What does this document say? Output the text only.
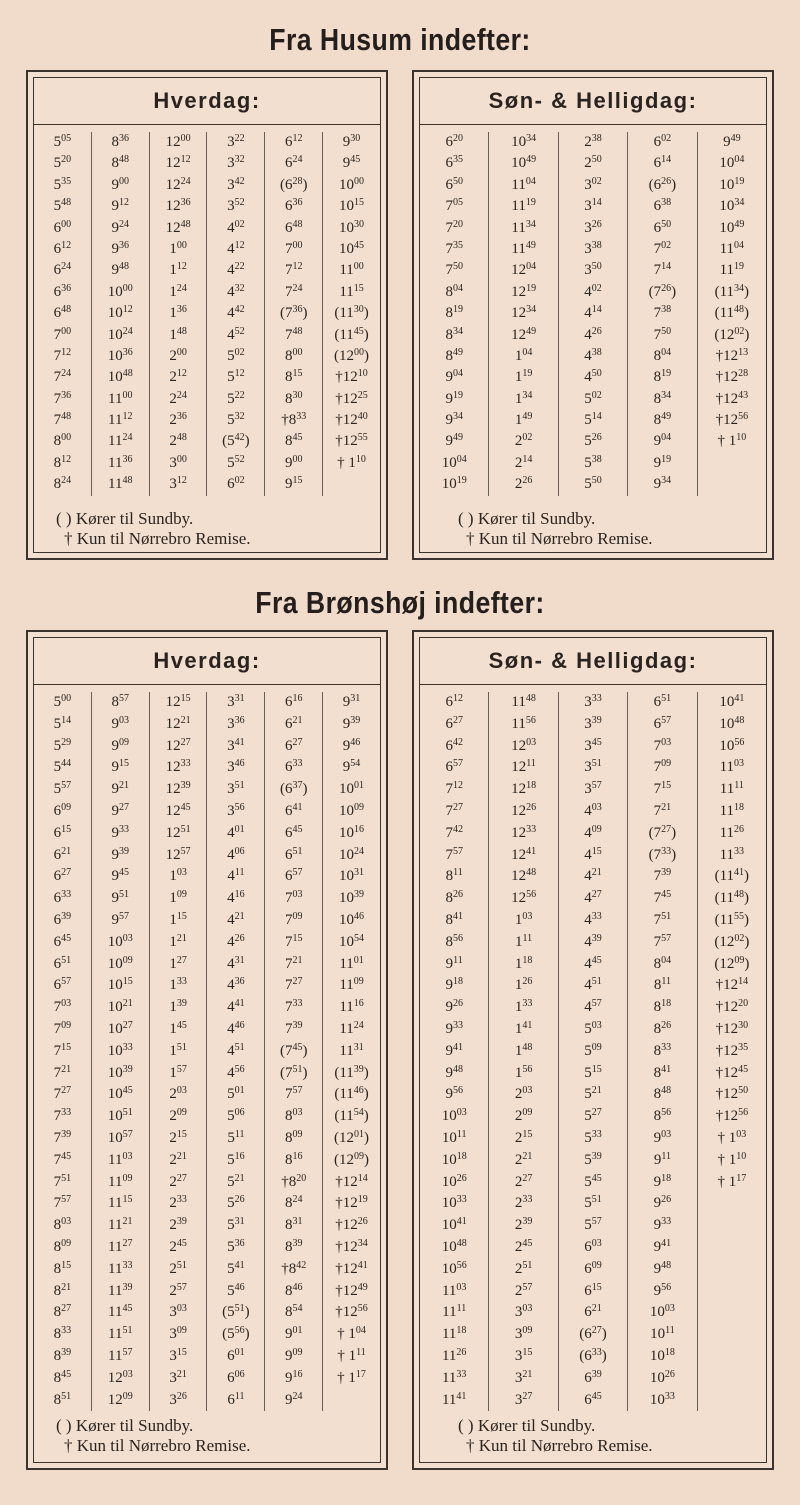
Fra Husum indefter:
Hverdag:
$5^{05}$
$5^{20}$
$5^{35}$
$5^{48}$
$6^{00}$
$6^{12}$
$6^{24}$
$6^{36}$
$6^{48}$
$7^{00}$
$7^{12}$
$7^{24}$
$7^{36}$
$7^{48}$
$8^{00}$
$8^{12}$
$8^{24}$
$8^{36}$
$8^{48}$
$9^{00}$
$9^{12}$
$9^{24}$
$9^{36}$
$9^{48}$
$10^{00}$
$10^{12}$
$10^{24}$
$10^{36}$
$10^{48}$
$11^{00}$
$11^{12}$
$11^{24}$
$11^{36}$
$11^{48}$
$12^{00}$
$12^{12}$
$12^{24}$
$12^{36}$
$12^{48}$
$1^{00}$
$1^{12}$
$1^{24}$
$1^{36}$
$1^{48}$
$2^{00}$
$2^{12}$
$2^{24}$
$2^{36}$
$2^{48}$
$3^{00}$
$3^{12}$
$3^{22}$
$3^{32}$
$3^{42}$
$3^{52}$
$4^{02}$
$4^{12}$
$4^{22}$
$4^{32}$
$4^{42}$
$4^{52}$
$5^{02}$
$5^{12}$
$5^{22}$
$5^{32}$
$(5^{42})$
$5^{52}$
$6^{02}$
$6^{12}$
$6^{24}$
$(6^{28})$
$6^{36}$
$6^{48}$
$7^{00}$
$7^{12}$
$7^{24}$
$(7^{36})$
$7^{48}$
$8^{00}$
$8^{15}$
$8^{30}$
$\dagger 8^{33}$
$8^{45}$
$9^{00}$
$9^{15}$
$9^{30}$
$9^{45}$
$10^{00}$
$10^{15}$
$10^{30}$
$10^{45}$
$11^{00}$
$11^{15}$
$(11^{30})$
$(11^{45})$
$(12^{00})$
$\dagger 12^{10}$
$\dagger 12^{25}$
$\dagger 12^{40}$
$\dagger 12^{55}$
† $1^{10}$
( ) Kører til Sundby.
† Kun til Nørrebro Remise.
Søn- & Helligdag:
$6^{20}$
$6^{35}$
$6^{50}$
$7^{05}$
$7^{20}$
$7^{35}$
$7^{50}$
$8^{04}$
$8^{19}$
$8^{34}$
$8^{49}$
$9^{04}$
$9^{19}$
$9^{34}$
$9^{49}$
$10^{04}$
$10^{19}$
$10^{34}$
$10^{49}$
$11^{04}$
$11^{19}$
$11^{34}$
$11^{49}$
$12^{04}$
$12^{19}$
$12^{34}$
$12^{49}$
$1^{04}$
$1^{19}$
$1^{34}$
$1^{49}$
$2^{02}$
$2^{14}$
$2^{26}$
$2^{38}$
$2^{50}$
$3^{02}$
$3^{14}$
$3^{26}$
$3^{38}$
$3^{50}$
$4^{02}$
$4^{14}$
$4^{26}$
$4^{38}$
$4^{50}$
$5^{02}$
$5^{14}$
$5^{26}$
$5^{38}$
$5^{50}$
$6^{02}$
$6^{14}$
$(6^{26})$
$6^{38}$
$6^{50}$
$7^{02}$
$7^{14}$
$(7^{26})$
$7^{38}$
$7^{50}$
$8^{04}$
$8^{19}$
$8^{34}$
$8^{49}$
$9^{04}$
$9^{19}$
$9^{34}$
$9^{49}$
$10^{04}$
$10^{19}$
$10^{34}$
$10^{49}$
$11^{04}$
$11^{19}$
$(11^{34})$
$(11^{48})$
$(12^{02})$
$\dagger 12^{13}$
$\dagger 12^{28}$
$\dagger 12^{43}$
$\dagger 12^{56}$
† $1^{10}$
( ) Kører til Sundby.
† Kun til Nørrebro Remise.
Fra Brønshøj indefter:
Hverdag:
$5^{00}$
$5^{14}$
$5^{29}$
$5^{44}$
$5^{57}$
$6^{09}$
$6^{15}$
$6^{21}$
$6^{27}$
$6^{33}$
$6^{39}$
$6^{45}$
$6^{51}$
$6^{57}$
$7^{03}$
$7^{09}$
$7^{15}$
$7^{21}$
$7^{27}$
$7^{33}$
$7^{39}$
$7^{45}$
$7^{51}$
$7^{57}$
$8^{03}$
$8^{09}$
$8^{15}$
$8^{21}$
$8^{27}$
$8^{33}$
$8^{39}$
$8^{45}$
$8^{51}$
$8^{57}$
$9^{03}$
$9^{09}$
$9^{15}$
$9^{21}$
$9^{27}$
$9^{33}$
$9^{39}$
$9^{45}$
$9^{51}$
$9^{57}$
$10^{03}$
$10^{09}$
$10^{15}$
$10^{21}$
$10^{27}$
$10^{33}$
$10^{39}$
$10^{45}$
$10^{51}$
$10^{57}$
$11^{03}$
$11^{09}$
$11^{15}$
$11^{21}$
$11^{27}$
$11^{33}$
$11^{39}$
$11^{45}$
$11^{51}$
$11^{57}$
$12^{03}$
$12^{09}$
$12^{15}$
$12^{21}$
$12^{27}$
$12^{33}$
$12^{39}$
$12^{45}$
$12^{51}$
$12^{57}$
$1^{03}$
$1^{09}$
$1^{15}$
$1^{21}$
$1^{27}$
$1^{33}$
$1^{39}$
$1^{45}$
$1^{51}$
$1^{57}$
$2^{03}$
$2^{09}$
$2^{15}$
$2^{21}$
$2^{27}$
$2^{33}$
$2^{39}$
$2^{45}$
$2^{51}$
$2^{57}$
$3^{03}$
$3^{09}$
$3^{15}$
$3^{21}$
$3^{26}$
$3^{31}$
$3^{36}$
$3^{41}$
$3^{46}$
$3^{51}$
$3^{56}$
$4^{01}$
$4^{06}$
$4^{11}$
$4^{16}$
$4^{21}$
$4^{26}$
$4^{31}$
$4^{36}$
$4^{41}$
$4^{46}$
$4^{51}$
$4^{56}$
$5^{01}$
$5^{06}$
$5^{11}$
$5^{16}$
$5^{21}$
$5^{26}$
$5^{31}$
$5^{36}$
$5^{41}$
$5^{46}$
$(5^{51})$
$(5^{56})$
$6^{01}$
$6^{06}$
$6^{11}$
$6^{16}$
$6^{21}$
$6^{27}$
$6^{33}$
$(6^{37})$
$6^{41}$
$6^{45}$
$6^{51}$
$6^{57}$
$7^{03}$
$7^{09}$
$7^{15}$
$7^{21}$
$7^{27}$
$7^{33}$
$7^{39}$
$(7^{45})$
$(7^{51})$
$7^{57}$
$8^{03}$
$8^{09}$
$8^{16}$
$\dagger 8^{20}$
$8^{24}$
$8^{31}$
$8^{39}$
$\dagger 8^{42}$
$8^{46}$
$8^{54}$
$9^{01}$
$9^{09}$
$9^{16}$
$9^{24}$
$9^{31}$
$9^{39}$
$9^{46}$
$9^{54}$
$10^{01}$
$10^{09}$
$10^{16}$
$10^{24}$
$10^{31}$
$10^{39}$
$10^{46}$
$10^{54}$
$11^{01}$
$11^{09}$
$11^{16}$
$11^{24}$
$11^{31}$
$(11^{39})$
$(11^{46})$
$(11^{54})$
$(12^{01})$
$(12^{09})$
$\dagger 12^{14}$
$\dagger 12^{19}$
$\dagger 12^{26}$
$\dagger 12^{34}$
$\dagger 12^{41}$
$\dagger 12^{49}$
$\dagger 12^{56}$
† $1^{04}$
† $1^{11}$
† $1^{17}$
( ) Kører til Sundby.
† Kun til Nørrebro Remise.
Søn- & Helligdag:
$6^{12}$
$6^{27}$
$6^{42}$
$6^{57}$
$7^{12}$
$7^{27}$
$7^{42}$
$7^{57}$
$8^{11}$
$8^{26}$
$8^{41}$
$8^{56}$
$9^{11}$
$9^{18}$
$9^{26}$
$9^{33}$
$9^{41}$
$9^{48}$
$9^{56}$
$10^{03}$
$10^{11}$
$10^{18}$
$10^{26}$
$10^{33}$
$10^{41}$
$10^{48}$
$10^{56}$
$11^{03}$
$11^{11}$
$11^{18}$
$11^{26}$
$11^{33}$
$11^{41}$
$11^{48}$
$11^{56}$
$12^{03}$
$12^{11}$
$12^{18}$
$12^{26}$
$12^{33}$
$12^{41}$
$12^{48}$
$12^{56}$
$1^{03}$
$1^{11}$
$1^{18}$
$1^{26}$
$1^{33}$
$1^{41}$
$1^{48}$
$1^{56}$
$2^{03}$
$2^{09}$
$2^{15}$
$2^{21}$
$2^{27}$
$2^{33}$
$2^{39}$
$2^{45}$
$2^{51}$
$2^{57}$
$3^{03}$
$3^{09}$
$3^{15}$
$3^{21}$
$3^{27}$
$3^{33}$
$3^{39}$
$3^{45}$
$3^{51}$
$3^{57}$
$4^{03}$
$4^{09}$
$4^{15}$
$4^{21}$
$4^{27}$
$4^{33}$
$4^{39}$
$4^{45}$
$4^{51}$
$4^{57}$
$5^{03}$
$5^{09}$
$5^{15}$
$5^{21}$
$5^{27}$
$5^{33}$
$5^{39}$
$5^{45}$
$5^{51}$
$5^{57}$
$6^{03}$
$6^{09}$
$6^{15}$
$6^{21}$
$(6^{27})$
$(6^{33})$
$6^{39}$
$6^{45}$
$6^{51}$
$6^{57}$
$7^{03}$
$7^{09}$
$7^{15}$
$7^{21}$
$(7^{27})$
$(7^{33})$
$7^{39}$
$7^{45}$
$7^{51}$
$7^{57}$
$8^{04}$
$8^{11}$
$8^{18}$
$8^{26}$
$8^{33}$
$8^{41}$
$8^{48}$
$8^{56}$
$9^{03}$
$9^{11}$
$9^{18}$
$9^{26}$
$9^{33}$
$9^{41}$
$9^{48}$
$9^{56}$
$10^{03}$
$10^{11}$
$10^{18}$
$10^{26}$
$10^{33}$
$10^{41}$
$10^{48}$
$10^{56}$
$11^{03}$
$11^{11}$
$11^{18}$
$11^{26}$
$11^{33}$
$(11^{41})$
$(11^{48})$
$(11^{55})$
$(12^{02})$
$(12^{09})$
$\dagger 12^{14}$
$\dagger 12^{20}$
$\dagger 12^{30}$
$\dagger 12^{35}$
$\dagger 12^{45}$
$\dagger 12^{50}$
$\dagger 12^{56}$
† $1^{03}$
† $1^{10}$
† $1^{17}$
( ) Kører til Sundby.
† Kun til Nørrebro Remise.
